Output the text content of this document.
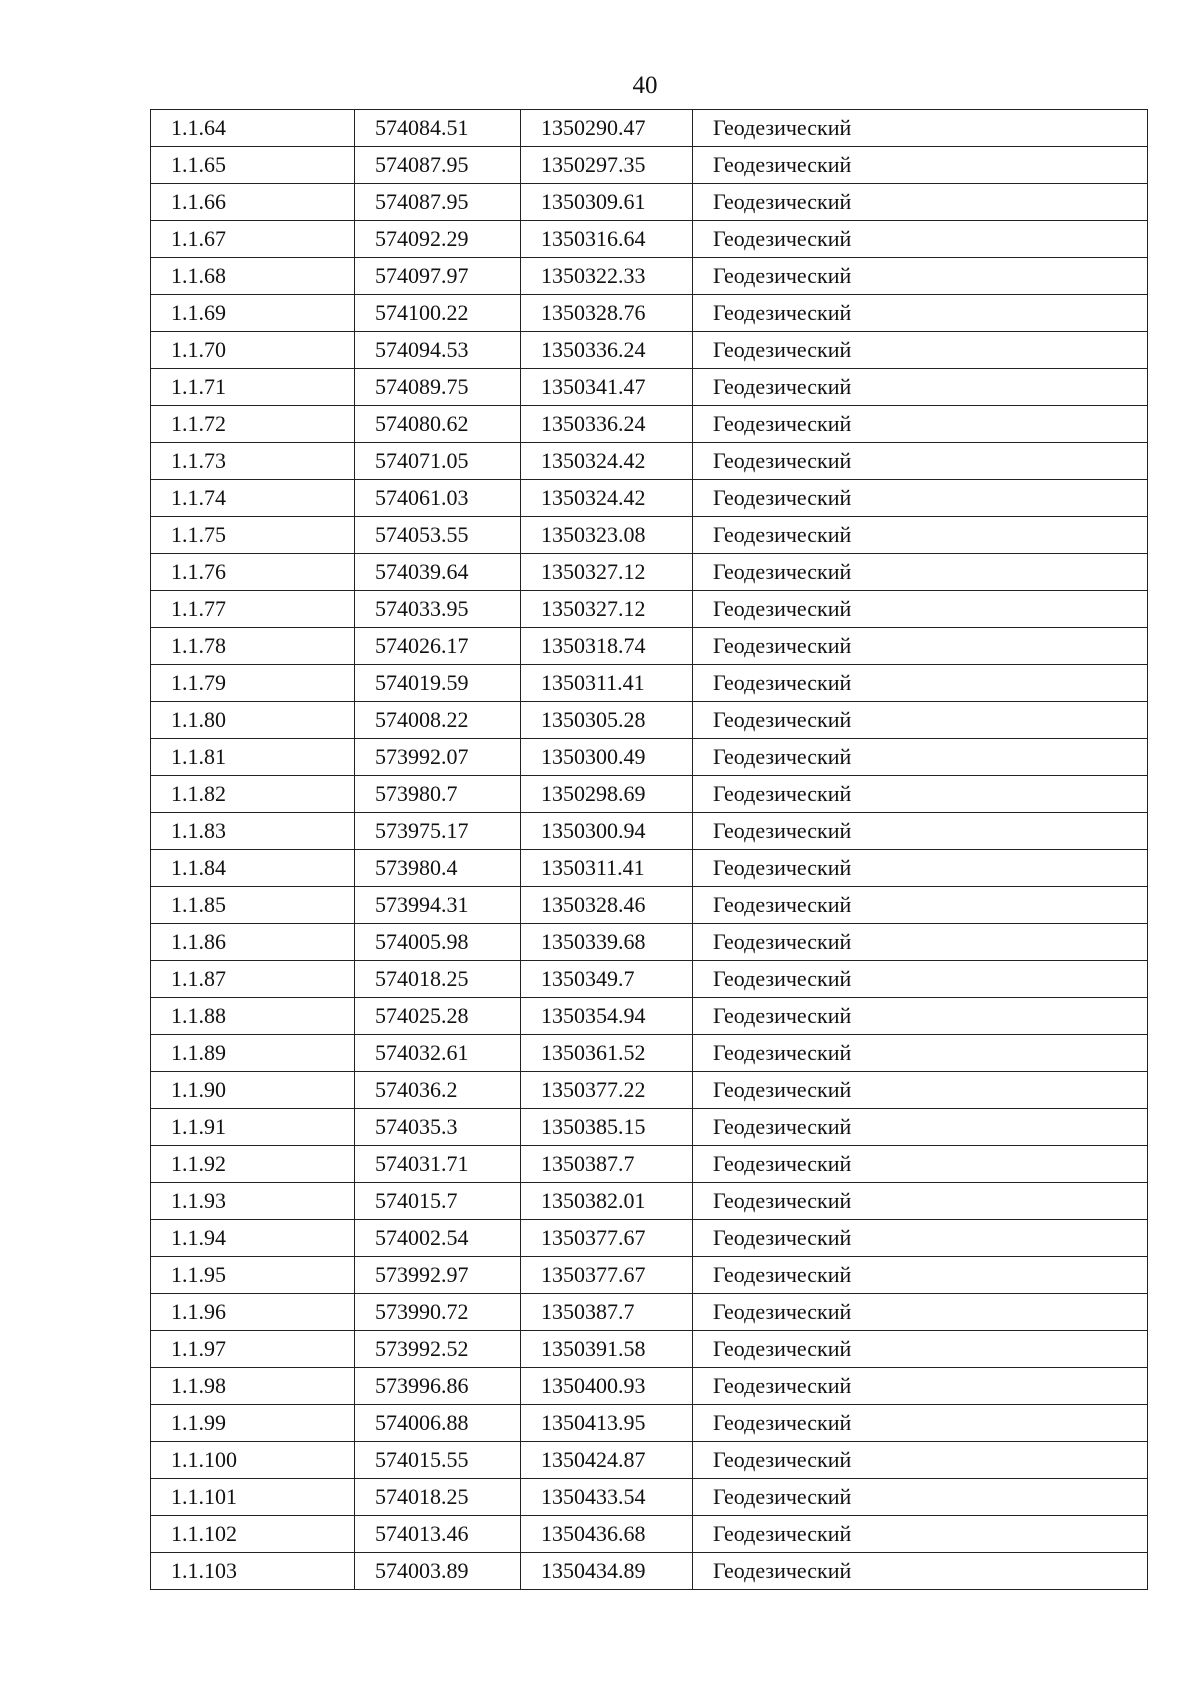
40
1.1.64	574084.51	1350290.47	Геодезический
1.1.65	574087.95	1350297.35	Геодезический
1.1.66	574087.95	1350309.61	Геодезический
1.1.67	574092.29	1350316.64	Геодезический
1.1.68	574097.97	1350322.33	Геодезический
1.1.69	574100.22	1350328.76	Геодезический
1.1.70	574094.53	1350336.24	Геодезический
1.1.71	574089.75	1350341.47	Геодезический
1.1.72	574080.62	1350336.24	Геодезический
1.1.73	574071.05	1350324.42	Геодезический
1.1.74	574061.03	1350324.42	Геодезический
1.1.75	574053.55	1350323.08	Геодезический
1.1.76	574039.64	1350327.12	Геодезический
1.1.77	574033.95	1350327.12	Геодезический
1.1.78	574026.17	1350318.74	Геодезический
1.1.79	574019.59	1350311.41	Геодезический
1.1.80	574008.22	1350305.28	Геодезический
1.1.81	573992.07	1350300.49	Геодезический
1.1.82	573980.7	1350298.69	Геодезический
1.1.83	573975.17	1350300.94	Геодезический
1.1.84	573980.4	1350311.41	Геодезический
1.1.85	573994.31	1350328.46	Геодезический
1.1.86	574005.98	1350339.68	Геодезический
1.1.87	574018.25	1350349.7	Геодезический
1.1.88	574025.28	1350354.94	Геодезический
1.1.89	574032.61	1350361.52	Геодезический
1.1.90	574036.2	1350377.22	Геодезический
1.1.91	574035.3	1350385.15	Геодезический
1.1.92	574031.71	1350387.7	Геодезический
1.1.93	574015.7	1350382.01	Геодезический
1.1.94	574002.54	1350377.67	Геодезический
1.1.95	573992.97	1350377.67	Геодезический
1.1.96	573990.72	1350387.7	Геодезический
1.1.97	573992.52	1350391.58	Геодезический
1.1.98	573996.86	1350400.93	Геодезический
1.1.99	574006.88	1350413.95	Геодезический
1.1.100	574015.55	1350424.87	Геодезический
1.1.101	574018.25	1350433.54	Геодезический
1.1.102	574013.46	1350436.68	Геодезический
1.1.103	574003.89	1350434.89	Геодезический
